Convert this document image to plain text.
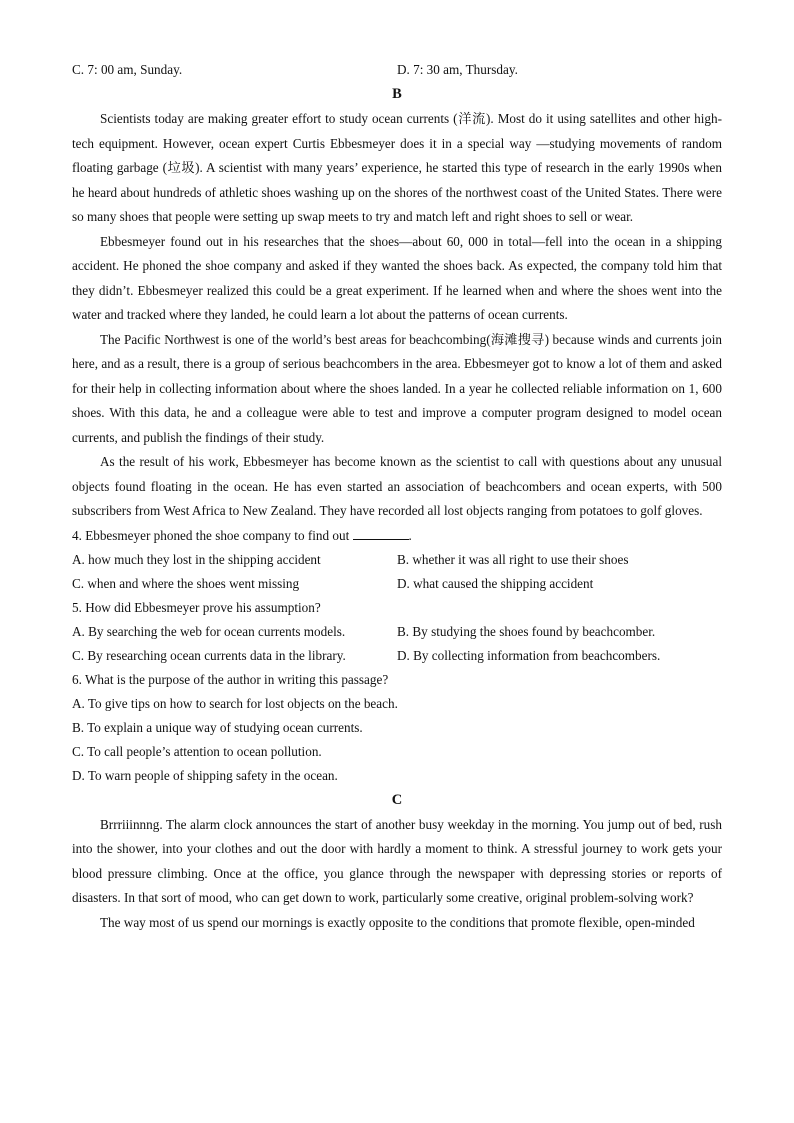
C. 7: 00 am, Sunday.	D. 7: 30 am, Thursday.
B

Scientists today are making greater effort to study ocean currents (洋流). Most do it using satellites and other high-tech equipment. However, ocean expert Curtis Ebbesmeyer does it in a special way —studying movements of random floating garbage (垃圾). A scientist with many years’ experience, he started this type of research in the early 1990s when he heard about hundreds of athletic shoes washing up on the shores of the northwest coast of the United States. There were so many shoes that people were setting up swap meets to try and match left and right shoes to sell or wear.

Ebbesmeyer found out in his researches that the shoes—about 60, 000 in total—fell into the ocean in a shipping accident. He phoned the shoe company and asked if they wanted the shoes back. As expected, the company told him that they didn’t. Ebbesmeyer realized this could be a great experiment. If he learned when and where the shoes went into the water and tracked where they landed, he could learn a lot about the patterns of ocean currents.

The Pacific Northwest is one of the world’s best areas for beachcombing(海滩搜寻) because winds and currents join here, and as a result, there is a group of serious beachcombers in the area. Ebbesmeyer got to know a lot of them and asked for their help in collecting information about where the shoes landed. In a year he collected reliable information on 1, 600 shoes. With this data, he and a colleague were able to test and improve a computer program designed to model ocean currents, and publish the findings of their study.

As the result of his work, Ebbesmeyer has become known as the scientist to call with questions about any unusual objects found floating in the ocean. He has even started an association of beachcombers and ocean experts, with 500 subscribers from West Africa to New Zealand. They have recorded all lost objects ranging from potatoes to golf gloves.

4. Ebbesmeyer phoned the shoe company to find out	.
A. how much they lost in the shipping accident	B. whether it was all right to use their shoes
C. when and where the shoes went missing	D. what caused the shipping accident
5. How did Ebbesmeyer prove his assumption?
A. By searching the web for ocean currents models.	B. By studying the shoes found by beachcomber.
C. By researching ocean currents data in the library.	D. By collecting information from beachcombers.
6. What is the purpose of the author in writing this passage?
A. To give tips on how to search for lost objects on the beach.
B. To explain a unique way of studying ocean currents.
C. To call people’s attention to ocean pollution.
D. To warn people of shipping safety in the ocean.
C

Brrriiinnng. The alarm clock announces the start of another busy weekday in the morning. You jump out of bed, rush into the shower, into your clothes and out the door with hardly a moment to think. A stressful journey to work gets your blood pressure climbing. Once at the office, you glance through the newspaper with depressing stories or reports of disasters. In that sort of mood, who can get down to work, particularly some creative, original problem-solving work?

The way most of us spend our mornings is exactly opposite to the conditions that promote flexible, open-minded
